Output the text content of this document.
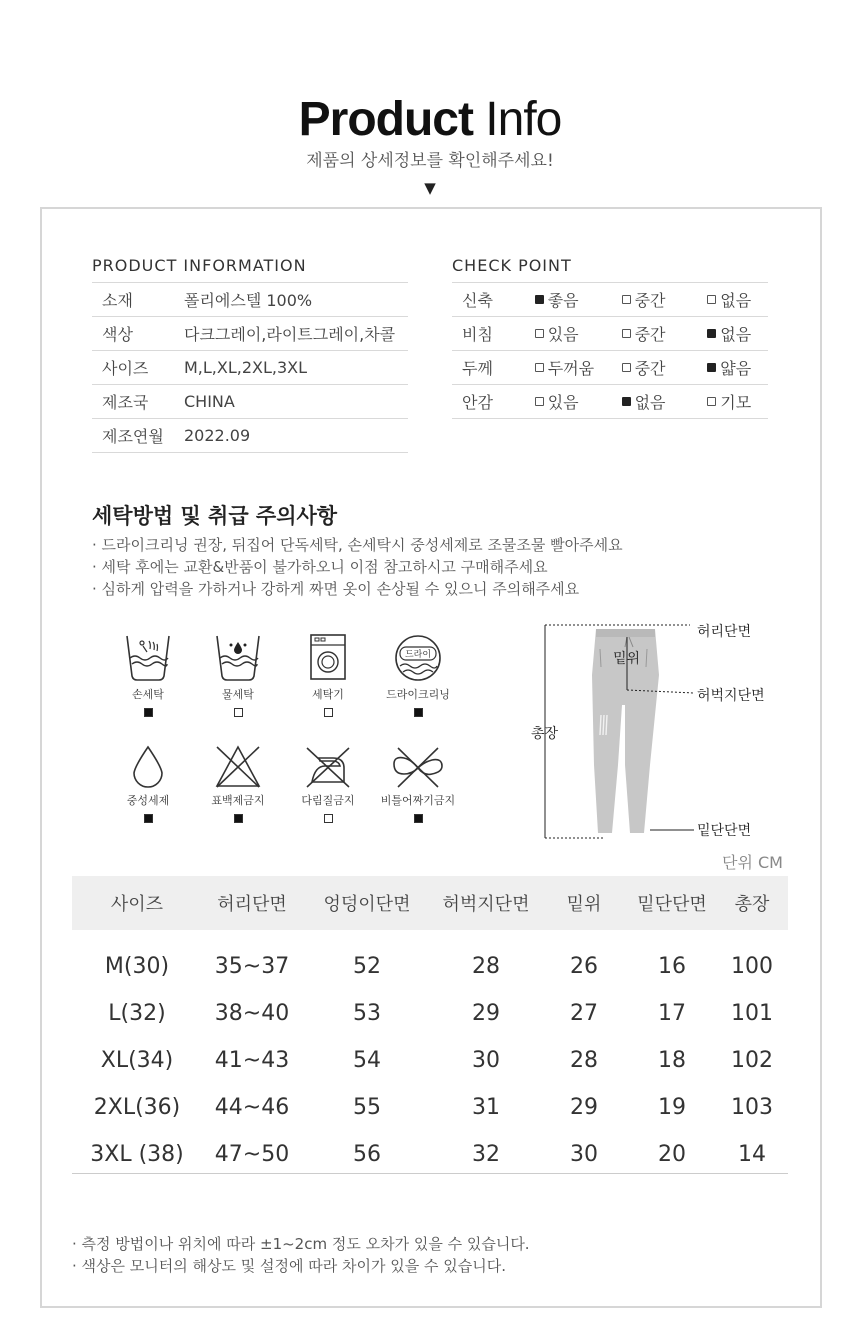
Product Info
제품의 상세정보를 확인해주세요!
▼
PRODUCT INFORMATION
소재	폴리에스텔 100%
색상	다크그레이,라이트그레이,차콜
사이즈	M,L,XL,2XL,3XL
제조국	CHINA
제조연월	2022.09
CHECK POINT
신축	좋음	중간	없음

비침	있음	중간	없음

두께	두꺼움	중간	얇음

안감	있음	없음	기모
세탁방법 및 취급 주의사항
· 드라이크리닝 권장, 뒤집어 단독세탁, 손세탁시 중성세제로 조물조물 빨아주세요
· 세탁 후에는 교환&반품이 불가하오니 이점 참고하시고 구매해주세요
· 심하게 압력을 가하거나 강하게 짜면 옷이 손상될 수 있으니 주의해주세요
손세탁	물세탁	세탁기
드라이
드라이크리닝
중성세제	표백제금지	다림질금지	비틀어짜기금지
허리단면
밑위
허벅지단면
총장
밑단단면
단위 CM
사이즈	허리단면	엉덩이단면	허벅지단면	밑위	밑단단면	총장
M(30)	35~37	52	28	26	16	100
L(32)	38~40	53	29	27	17	101
XL(34)	41~43	54	30	28	18	102
2XL(36)	44~46	55	31	29	19	103
3XL (38)	47~50	56	32	30	20	14
· 측정 방법이나 위치에 따라 ±1~2cm 정도 오차가 있을 수 있습니다.
· 색상은 모니터의 해상도 및 설정에 따라 차이가 있을 수 있습니다.
